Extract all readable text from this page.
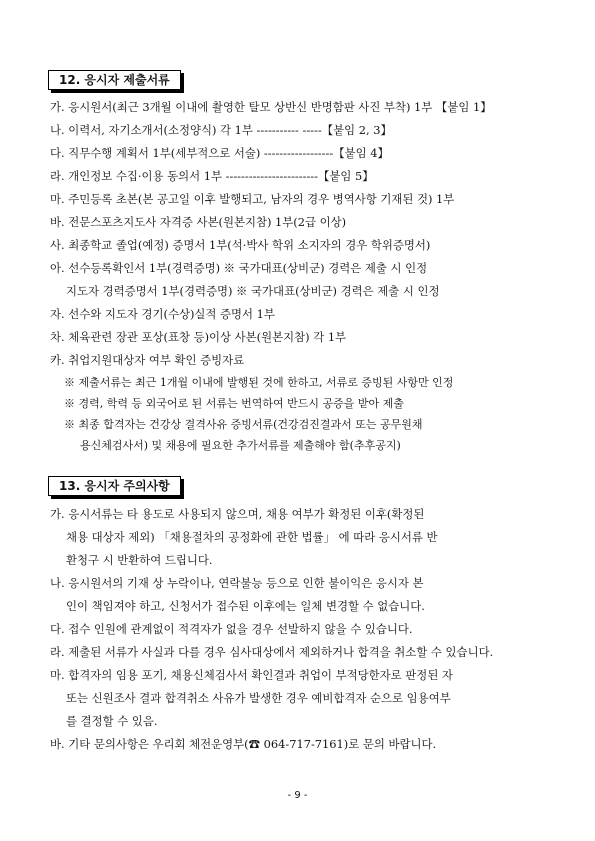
12. 응시자 제출서류
가. 응시원서(최근 3개월 이내에 촬영한 탈모 상반신 반명함판 사진 부착) 1부 【붙임 1】
나. 이력서, 자기소개서(소정양식) 각 1부 ----------- -----【붙임 2, 3】
다. 직무수행 계획서 1부(세부적으로 서술) ------------------【붙임 4】
라. 개인정보 수집·이용 동의서 1부 ------------------------【붙임 5】
마. 주민등록 초본(본 공고일 이후 발행되고, 남자의 경우 병역사항 기재된 것) 1부
바. 전문스포츠지도사 자격증 사본(원본지참) 1부(2급 이상)
사. 최종학교 졸업(예정) 증명서 1부(석·박사 학위 소지자의 경우 학위증명서)
아. 선수등록확인서 1부(경력증명) ※ 국가대표(상비군) 경력은 제출 시 인정
지도자 경력증명서 1부(경력증명) ※ 국가대표(상비군) 경력은 제출 시 인정
자. 선수와 지도자 경기(수상)실적 증명서 1부
차. 체육관련 장관 포상(표창 등)이상 사본(원본지참) 각 1부
카. 취업지원대상자 여부 확인 증빙자료
※ 제출서류는 최근 1개월 이내에 발행된 것에 한하고, 서류로 증빙된 사항만 인정
※ 경력, 학력 등 외국어로 된 서류는 번역하여 반드시 공증을 받아 제출
※ 최종 합격자는 건강상 결격사유 증빙서류(건강검진결과서 또는 공무원채
용신체검사서) 및 채용에 필요한 추가서류를 제출해야 함(추후공지)
13. 응시자 주의사항
가. 응시서류는 타 용도로 사용되지 않으며, 채용 여부가 확정된 이후(확정된
채용 대상자 제외) 「채용절차의 공정화에 관한 법률」 에 따라 응시서류 반
환청구 시 반환하여 드립니다.
나. 응시원서의 기재 상 누락이나, 연락불능 등으로 인한 불이익은 응시자 본
인이 책임져야 하고, 신청서가 접수된 이후에는 일체 변경할 수 없습니다.
다. 접수 인원에 관계없이 적격자가 없을 경우 선발하지 않을 수 있습니다.
라. 제출된 서류가 사실과 다를 경우 심사대상에서 제외하거나 합격을 취소할 수 있습니다.
마. 합격자의 임용 포기, 채용신체검사서 확인결과 취업이 부적당한자로 판정된 자
또는 신원조사 결과 합격취소 사유가 발생한 경우 예비합격자 순으로 임용여부
를 결정할 수 있음.
바. 기타 문의사항은 우리회 체전운영부(☎ 064-717-7161)로 문의 바랍니다.
- 9 -
